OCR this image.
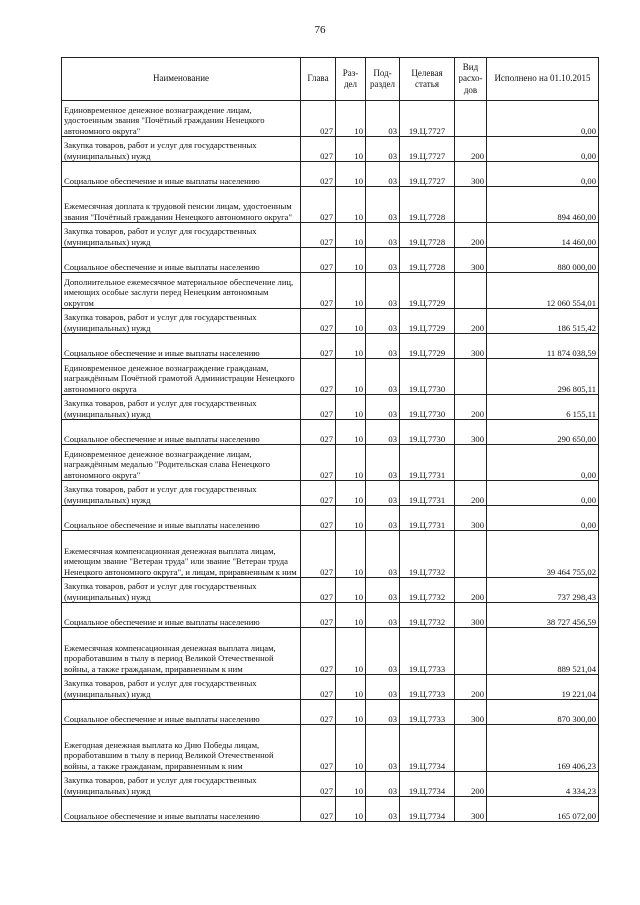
76
Наименование	Глава	Раз-дел	Под-раздел	Целевая статья	Вид расхо-дов	Исполнено на 01.10.2015
Единовременное денежное вознаграждение лицам, удостоенным звания "Почётный гражданин Ненецкого автономного округа"	027	10	03	19.Ц.7727		0,00
Закупка товаров, работ и услуг для государственных (муниципальных) нужд	027	10	03	19.Ц.7727	200	0,00
Социальное обеспечение и иные выплаты населению	027	10	03	19.Ц.7727	300	0,00
Ежемесячная доплата к трудовой пенсии лицам, удостоенным звания "Почётный гражданин Ненецкого автономного округа"	027	10	03	19.Ц.7728		894 460,00
Закупка товаров, работ и услуг для государственных (муниципальных) нужд	027	10	03	19.Ц.7728	200	14 460,00
Социальное обеспечение и иные выплаты населению	027	10	03	19.Ц.7728	300	880 000,00
Дополнительное ежемесячное материальное обеспечение лиц, имеющих особые заслуги перед Ненецким автономным округом	027	10	03	19.Ц.7729		12 060 554,01
Закупка товаров, работ и услуг для государственных (муниципальных) нужд	027	10	03	19.Ц.7729	200	186 515,42
Социальное обеспечение и иные выплаты населению	027	10	03	19.Ц.7729	300	11 874 038,59
Единовременное денежное вознаграждение гражданам, награждённым Почётной грамотой Администрации Ненецкого автономного округа	027	10	03	19.Ц.7730		296 805,11
Закупка товаров, работ и услуг для государственных (муниципальных) нужд	027	10	03	19.Ц.7730	200	6 155,11
Социальное обеспечение и иные выплаты населению	027	10	03	19.Ц.7730	300	290 650,00
Единовременное денежное вознаграждение лицам, награждённым медалью "Родительская слава Ненецкого автономного округа"	027	10	03	19.Ц.7731		0,00
Закупка товаров, работ и услуг для государственных (муниципальных) нужд	027	10	03	19.Ц.7731	200	0,00
Социальное обеспечение и иные выплаты населению	027	10	03	19.Ц.7731	300	0,00
Ежемесячная компенсационная денежная выплата лицам, имеющим звание "Ветеран труда" или звание "Ветеран труда Ненецкого автономного округа", и лицам, приравненным к ним	027	10	03	19.Ц.7732		39 464 755,02
Закупка товаров, работ и услуг для государственных (муниципальных) нужд	027	10	03	19.Ц.7732	200	737 298,43
Социальное обеспечение и иные выплаты населению	027	10	03	19.Ц.7732	300	38 727 456,59
Ежемесячная компенсационная денежная выплата лицам, проработавшим в тылу в период Великой Отечественной войны, а также гражданам, приравненным к ним	027	10	03	19.Ц.7733		889 521,04
Закупка товаров, работ и услуг для государственных (муниципальных) нужд	027	10	03	19.Ц.7733	200	19 221,04
Социальное обеспечение и иные выплаты населению	027	10	03	19.Ц.7733	300	870 300,00
Ежегодная денежная выплата ко Дню Победы лицам, проработавшим в тылу в период Великой Отечественной войны, а также гражданам, приравненным к ним	027	10	03	19.Ц.7734		169 406,23
Закупка товаров, работ и услуг для государственных (муниципальных) нужд	027	10	03	19.Ц.7734	200	4 334,23
Социальное обеспечение и иные выплаты населению	027	10	03	19.Ц.7734	300	165 072,00
